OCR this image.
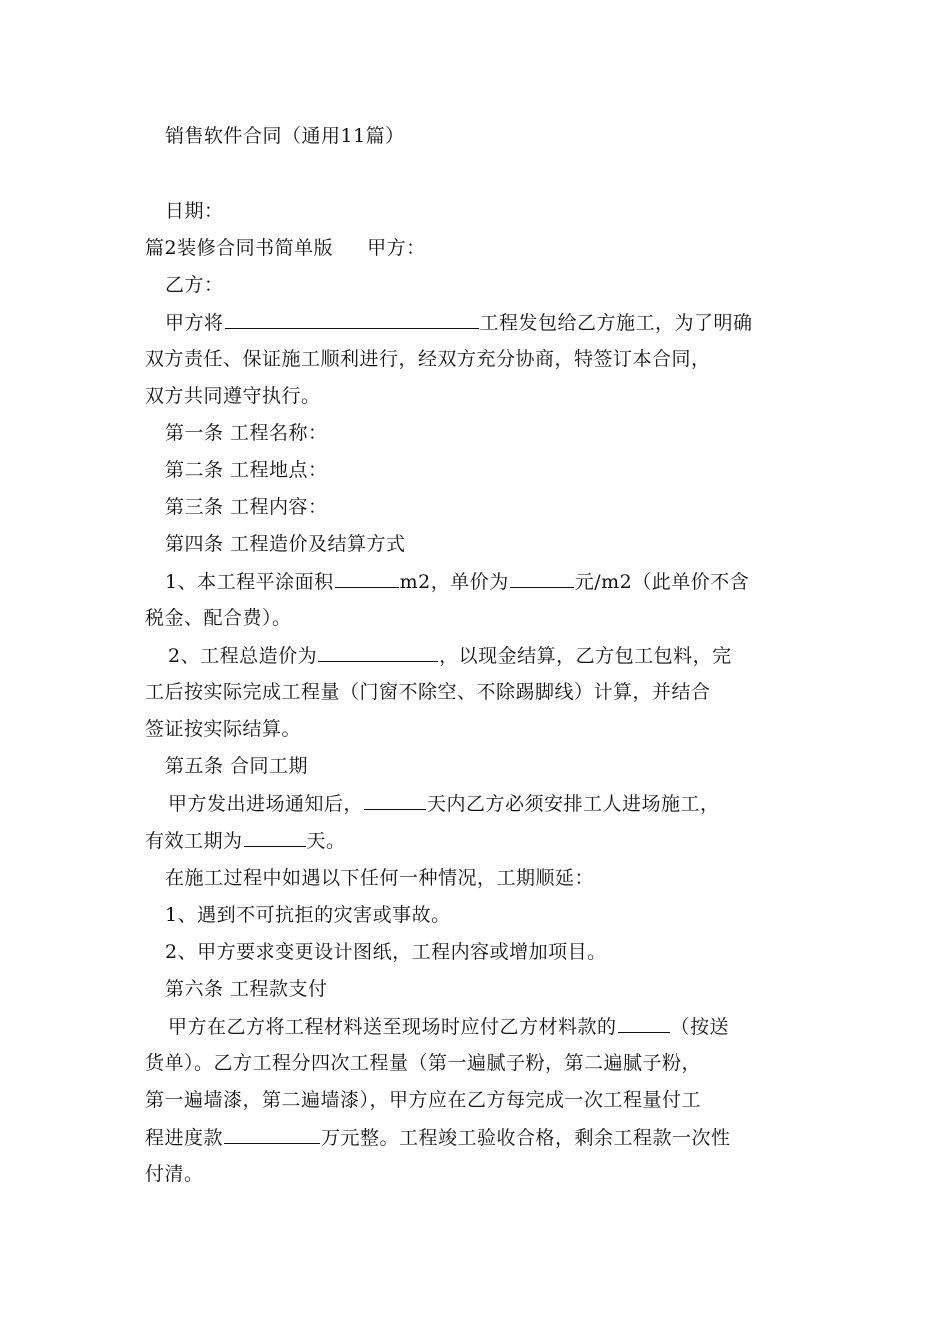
销售软件合同（通用11篇）
日期：
篇2装修合同书简单版 甲方：
乙方：
甲方将	工程发包给乙方施工，为了明确
双方责任、保证施工顺利进行，经双方充分协商，特签订本合同，
双方共同遵守执行。
第一条 工程名称：
第二条 工程地点：
第三条 工程内容：
第四条 工程造价及结算方式
1、本工程平涂面积	m2，单价为	元/m2（此单价不含
税金、配合费）。
2、工程总造价为	，以现金结算，乙方包工包料，完
工后按实际完成工程量（门窗不除空、不除踢脚线）计算，并结合
签证按实际结算。
第五条 合同工期
甲方发出进场通知后，	天内乙方必须安排工人进场施工，
有效工期为	天。
在施工过程中如遇以下任何一种情况，工期顺延：
1、遇到不可抗拒的灾害或事故。
2、甲方要求变更设计图纸，工程内容或增加项目。
第六条 工程款支付
甲方在乙方将工程材料送至现场时应付乙方材料款的	（按送
货单）。乙方工程分四次工程量（第一遍腻子粉，第二遍腻子粉，
第一遍墙漆，第二遍墙漆），甲方应在乙方每完成一次工程量付工
程进度款	万元整。工程竣工验收合格，剩余工程款一次性
付清。
